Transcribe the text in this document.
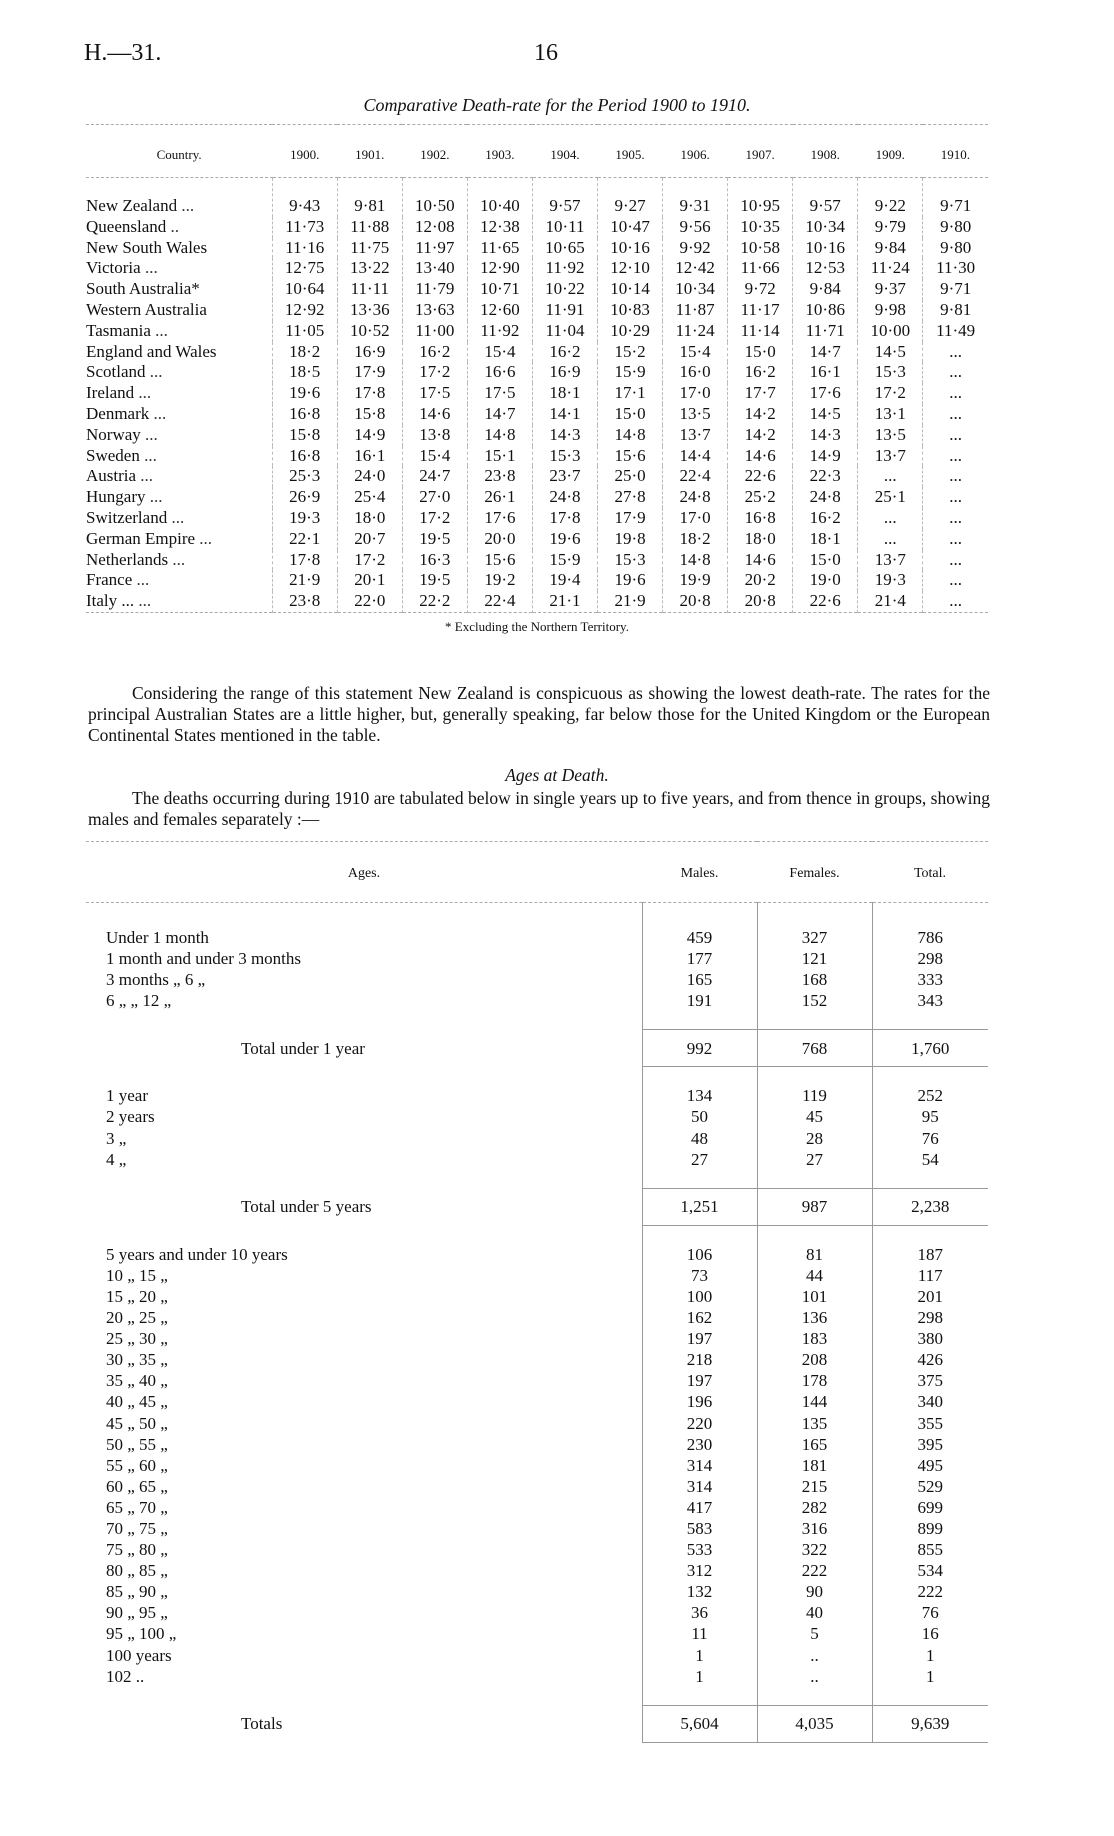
H.—31.	16
Comparative Death-rate for the Period 1900 to 1910.
Country.	1900.	1901.	1902.	1903.	1904.	1905.	1906.	1907.	1908.	1909.	1910.
New Zealand ...	9·43	9·81	10·50	10·40	9·57	9·27	9·31	10·95	9·57	9·22	9·71
Queensland ..	11·73	11·88	12·08	12·38	10·11	10·47	9·56	10·35	10·34	9·79	9·80
New South Wales	11·16	11·75	11·97	11·65	10·65	10·16	9·92	10·58	10·16	9·84	9·80
Victoria ...	12·75	13·22	13·40	12·90	11·92	12·10	12·42	11·66	12·53	11·24	11·30
South Australia*	10·64	11·11	11·79	10·71	10·22	10·14	10·34	9·72	9·84	9·37	9·71
Western Australia	12·92	13·36	13·63	12·60	11·91	10·83	11·87	11·17	10·86	9·98	9·81
Tasmania ...	11·05	10·52	11·00	11·92	11·04	10·29	11·24	11·14	11·71	10·00	11·49
England and Wales	18·2	16·9	16·2	15·4	16·2	15·2	15·4	15·0	14·7	14·5	...
Scotland ...	18·5	17·9	17·2	16·6	16·9	15·9	16·0	16·2	16·1	15·3	...
Ireland ...	19·6	17·8	17·5	17·5	18·1	17·1	17·0	17·7	17·6	17·2	...
Denmark ...	16·8	15·8	14·6	14·7	14·1	15·0	13·5	14·2	14·5	13·1	...
Norway ...	15·8	14·9	13·8	14·8	14·3	14·8	13·7	14·2	14·3	13·5	...
Sweden ...	16·8	16·1	15·4	15·1	15·3	15·6	14·4	14·6	14·9	13·7	...
Austria ...	25·3	24·0	24·7	23·8	23·7	25·0	22·4	22·6	22·3	...	...
Hungary ...	26·9	25·4	27·0	26·1	24·8	27·8	24·8	25·2	24·8	25·1	...
Switzerland ...	19·3	18·0	17·2	17·6	17·8	17·9	17·0	16·8	16·2	...	...
German Empire ...	22·1	20·7	19·5	20·0	19·6	19·8	18·2	18·0	18·1	...	...
Netherlands ...	17·8	17·2	16·3	15·6	15·9	15·3	14·8	14·6	15·0	13·7	...
France ...	21·9	20·1	19·5	19·2	19·4	19·6	19·9	20·2	19·0	19·3	...
Italy ... ...	23·8	22·0	22·2	22·4	21·1	21·9	20·8	20·8	22·6	21·4	...
* Excluding the Northern Territory.											
Considering the range of this statement New Zealand is conspicuous as showing the lowest death-rate. The rates for the principal Australian States are a little higher, but, generally speaking, far below those for the United Kingdom or the European Continental States mentioned in the table.
Ages at Death.
The deaths occurring during 1910 are tabulated below in single years up to five years, and from thence in groups, showing males and females separately :—
Ages.	Males.	Females.	Total.

Under 1 month	459	327	786
1 month and under 3 months	177	121	298
3 months „ 6 „	165	168	333
6 „ „ 12 „	191	152	343

Total under 1 year	992	768	1,760

1 year	134	119	252
2 years	50	45	95
3 „	48	28	76
4 „	27	27	54

Total under 5 years	1,251	987	2,238

5 years and under 10 years	106	81	187
10 „ 15 „	73	44	117
15 „ 20 „	100	101	201
20 „ 25 „	162	136	298
25 „ 30 „	197	183	380
30 „ 35 „	218	208	426
35 „ 40 „	197	178	375
40 „ 45 „	196	144	340
45 „ 50 „	220	135	355
50 „ 55 „	230	165	395
55 „ 60 „	314	181	495
60 „ 65 „	314	215	529
65 „ 70 „	417	282	699
70 „ 75 „	583	316	899
75 „ 80 „	533	322	855
80 „ 85 „	312	222	534
85 „ 90 „	132	90	222
90 „ 95 „	36	40	76
95 „ 100 „	11	5	16
100 years	1	..	1
102 ..	1	..	1

Totals	5,604	4,035	9,639
